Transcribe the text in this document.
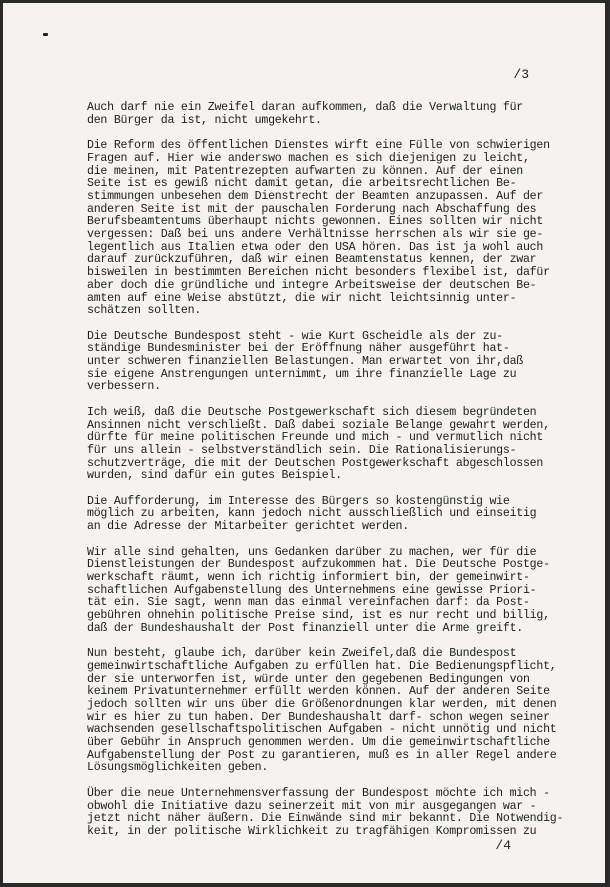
/3

Auch darf nie ein Zweifel daran aufkommen, daß die Verwaltung für
den Bürger da ist, nicht umgekehrt.

Die Reform des öffentlichen Dienstes wirft eine Fülle von schwierigen
Fragen auf. Hier wie anderswo machen es sich diejenigen zu leicht,
die meinen, mit Patentrezepten aufwarten zu können. Auf der einen
Seite ist es gewiß nicht damit getan, die arbeitsrechtlichen Be-
stimmungen unbesehen dem Dienstrecht der Beamten anzupassen. Auf der
anderen Seite ist mit der pauschalen Forderung nach Abschaffung des
Berufsbeamtentums überhaupt nichts gewonnen. Eines sollten wir nicht
vergessen: Daß bei uns andere Verhältnisse herrschen als wir sie ge-
legentlich aus Italien etwa oder den USA hören. Das ist ja wohl auch
darauf zurückzuführen, daß wir einen Beamtenstatus kennen, der zwar
bisweilen in bestimmten Bereichen nicht besonders flexibel ist, dafür
aber doch die gründliche und integre Arbeitsweise der deutschen Be-
amten auf eine Weise abstützt, die wir nicht leichtsinnig unter-
schätzen sollten.

Die Deutsche Bundespost steht - wie Kurt Gscheidle als der zu-
ständige Bundesminister bei der Eröffnung näher ausgeführt hat-
unter schweren finanziellen Belastungen. Man erwartet von ihr,daß
sie eigene Anstrengungen unternimmt, um ihre finanzielle Lage zu
verbessern.

Ich weiß, daß die Deutsche Postgewerkschaft sich diesem begründeten
Ansinnen nicht verschließt. Daß dabei soziale Belange gewahrt werden,
dürfte für meine politischen Freunde und mich - und vermutlich nicht
für uns allein - selbstverständlich sein. Die Rationalisierungs-
schutzverträge, die mit der Deutschen Postgewerkschaft abgeschlossen
wurden, sind dafür ein gutes Beispiel.

Die Aufforderung, im Interesse des Bürgers so kostengünstig wie
möglich zu arbeiten, kann jedoch nicht ausschließlich und einseitig
an die Adresse der Mitarbeiter gerichtet werden.

Wir alle sind gehalten, uns Gedanken darüber zu machen, wer für die
Dienstleistungen der Bundespost aufzukommen hat. Die Deutsche Postge-
werkschaft räumt, wenn ich richtig informiert bin, der gemeinwirt-
schaftlichen Aufgabenstellung des Unternehmens eine gewisse Priori-
tät ein. Sie sagt, wenn man das einmal vereinfachen darf: da Post-
gebühren ohnehin politische Preise sind, ist es nur recht und billig,
daß der Bundeshaushalt der Post finanziell unter die Arme greift.

Nun besteht, glaube ich, darüber kein Zweifel,daß die Bundespost
gemeinwirtschaftliche Aufgaben zu erfüllen hat. Die Bedienungspflicht,
der sie unterworfen ist, würde unter den gegebenen Bedingungen von
keinem Privatunternehmer erfüllt werden können. Auf der anderen Seite
jedoch sollten wir uns über die Größenordnungen klar werden, mit denen
wir es hier zu tun haben. Der Bundeshaushalt darf- schon wegen seiner
wachsenden gesellschaftspolitischen Aufgaben - nicht unnötig und nicht
über Gebühr in Anspruch genommen werden. Um die gemeinwirtschaftliche
Aufgabenstellung der Post zu garantieren, muß es in aller Regel andere
Lösungsmöglichkeiten geben.

Über die neue Unternehmensverfassung der Bundespost möchte ich mich -
obwohl die Initiative dazu seinerzeit mit von mir ausgegangen war -
jetzt nicht näher äußern. Die Einwände sind mir bekannt. Die Notwendig-
keit, in der politische Wirklichkeit zu tragfähigen Kompromissen zu

/4
